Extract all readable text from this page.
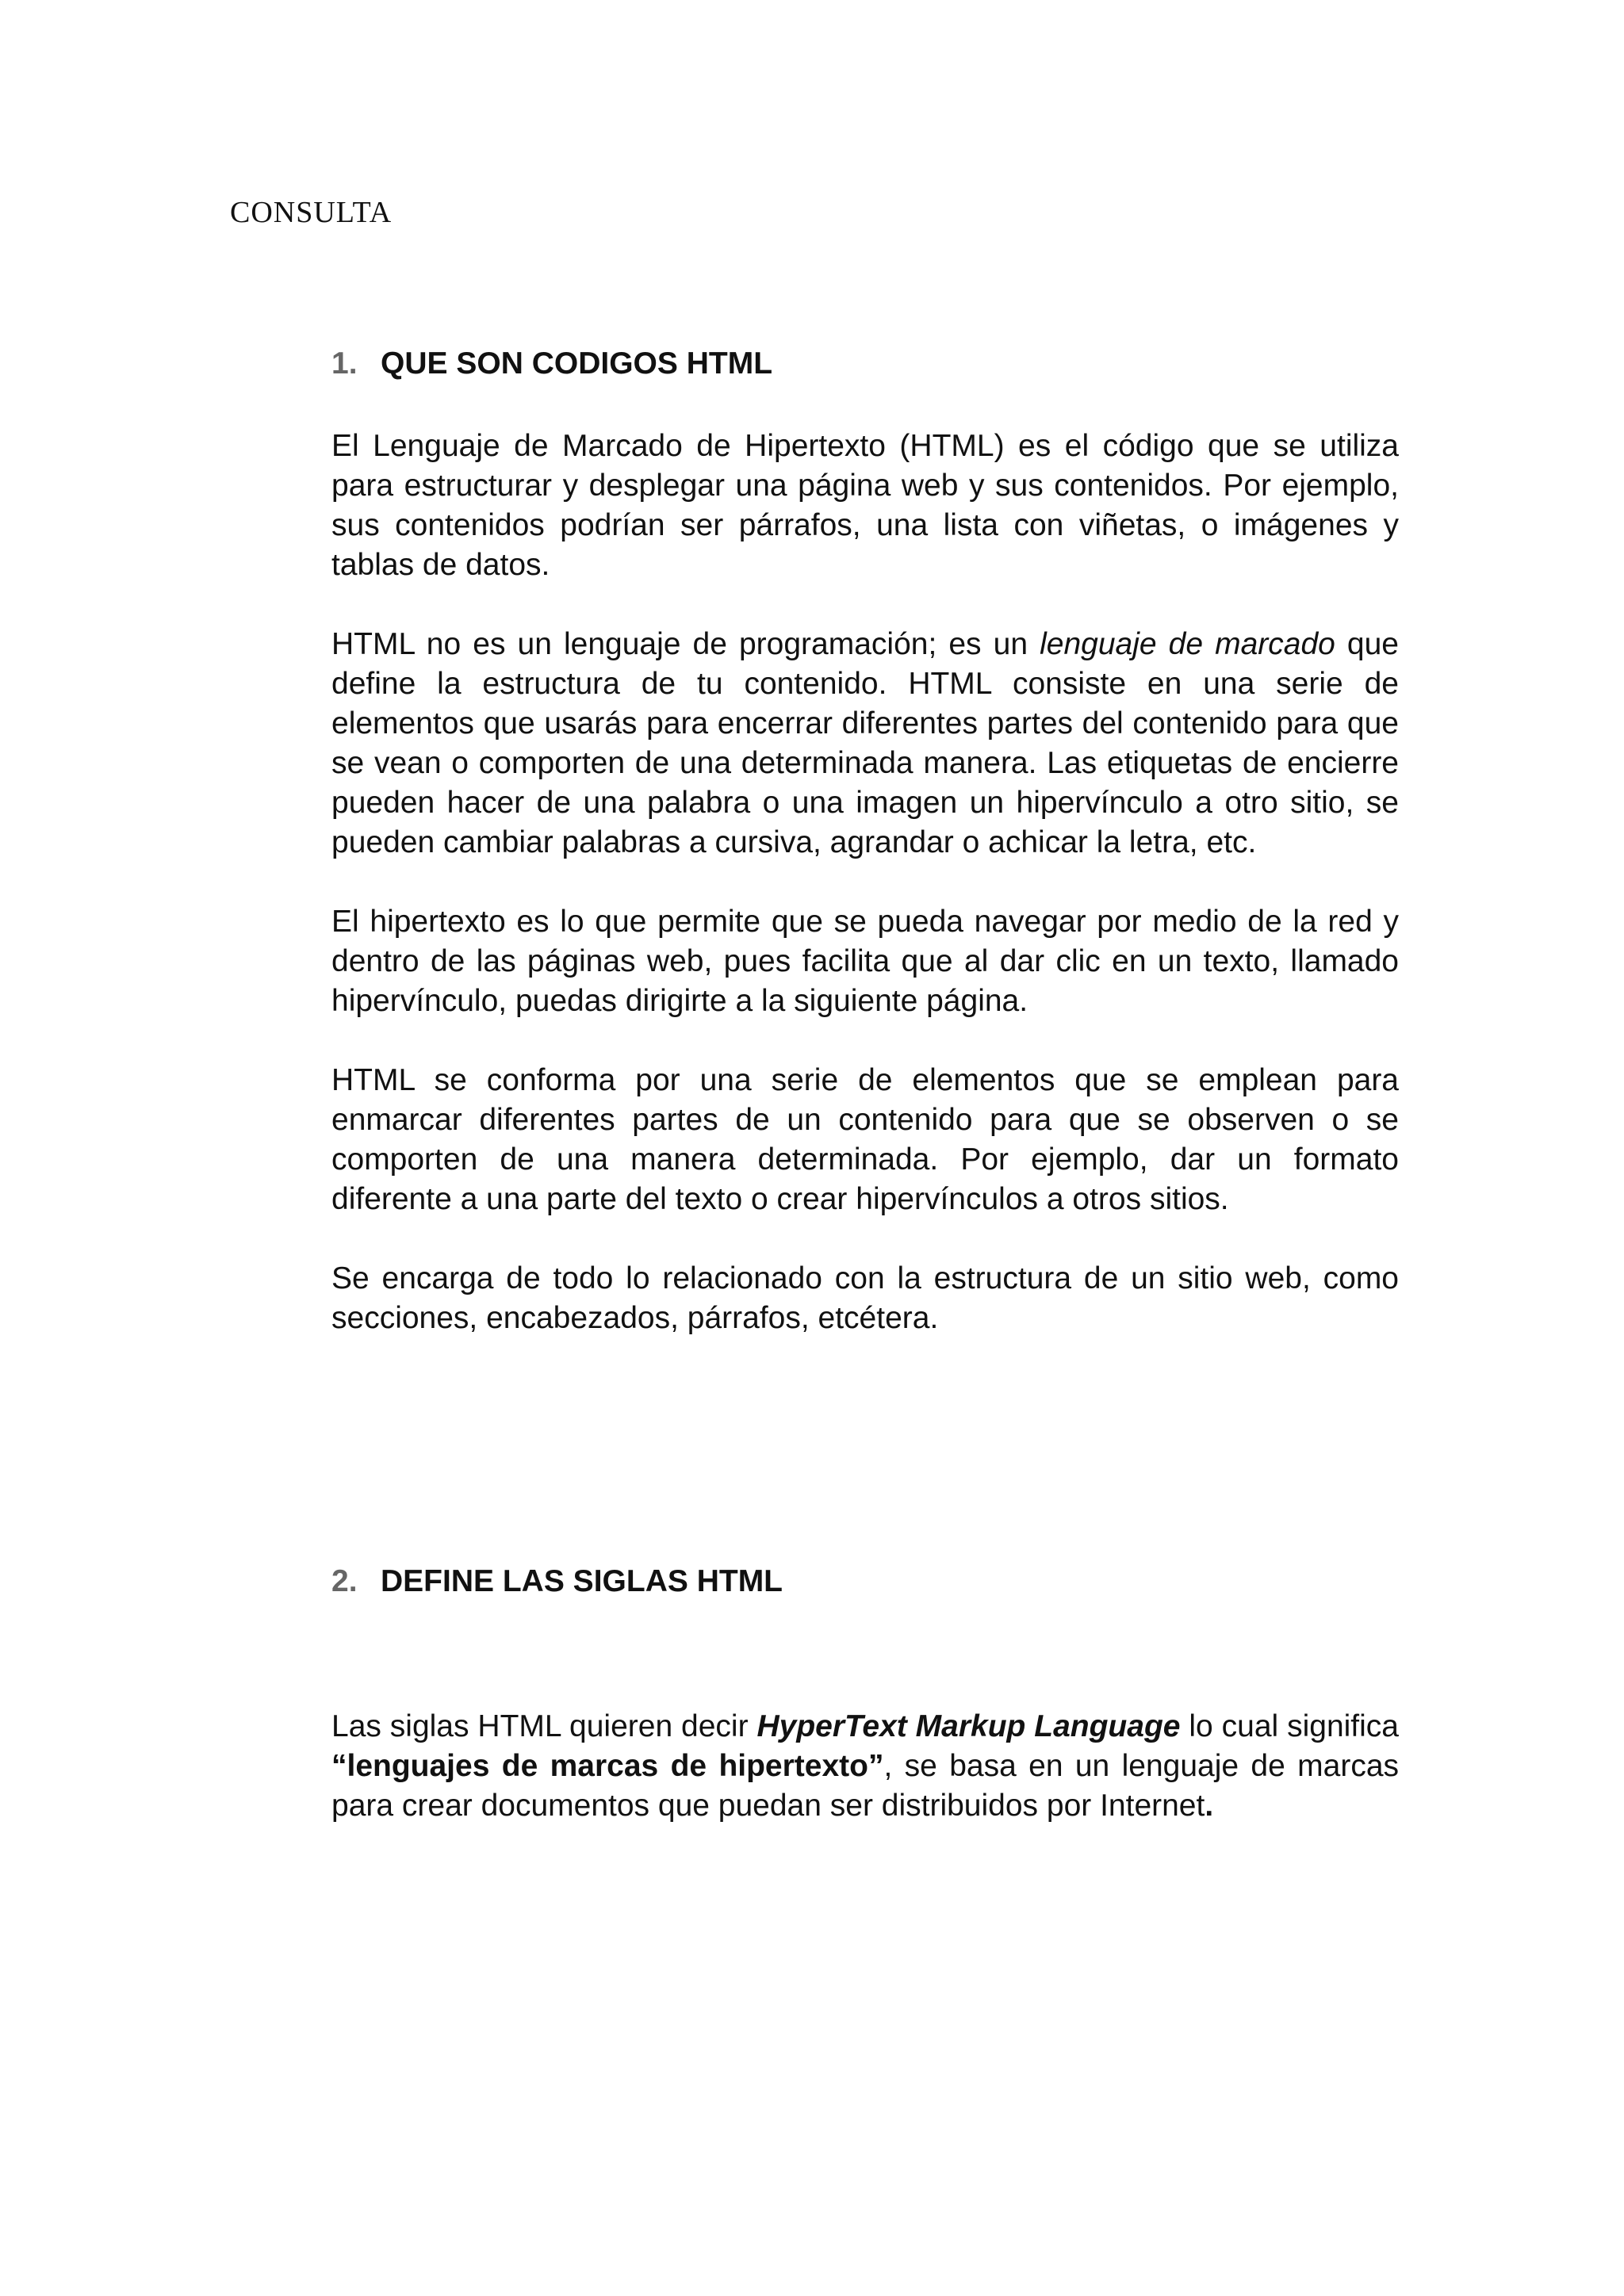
CONSULTA
1. QUE SON CODIGOS HTML

El Lenguaje de Marcado de Hipertexto (HTML) es el código que se utiliza para estructurar y desplegar una página web y sus contenidos. Por ejemplo, sus contenidos podrían ser párrafos, una lista con viñetas, o imágenes y tablas de datos.

HTML no es un lenguaje de programación; es un lenguaje de marcado que define la estructura de tu contenido. HTML consiste en una serie de elementos que usarás para encerrar diferentes partes del contenido para que se vean o comporten de una determinada manera. Las etiquetas de encierre pueden hacer de una palabra o una imagen un hipervínculo a otro sitio, se pueden cambiar palabras a cursiva, agrandar o achicar la letra, etc.

El hipertexto es lo que permite que se pueda navegar por medio de la red y dentro de las páginas web, pues facilita que al dar clic en un texto, llamado hipervínculo, puedas dirigirte a la siguiente página.

HTML se conforma por una serie de elementos que se emplean para enmarcar diferentes partes de un contenido para que se observen o se comporten de una manera determinada. Por ejemplo, dar un formato diferente a una parte del texto o crear hipervínculos a otros sitios.

Se encarga de todo lo relacionado con la estructura de un sitio web, como secciones, encabezados, párrafos, etcétera.

2. DEFINE LAS SIGLAS HTML

Las siglas HTML quieren decir HyperText Markup Language lo cual significa “lenguajes de marcas de hipertexto”, se basa en un lenguaje de marcas para crear documentos que puedan ser distribuidos por Internet.
